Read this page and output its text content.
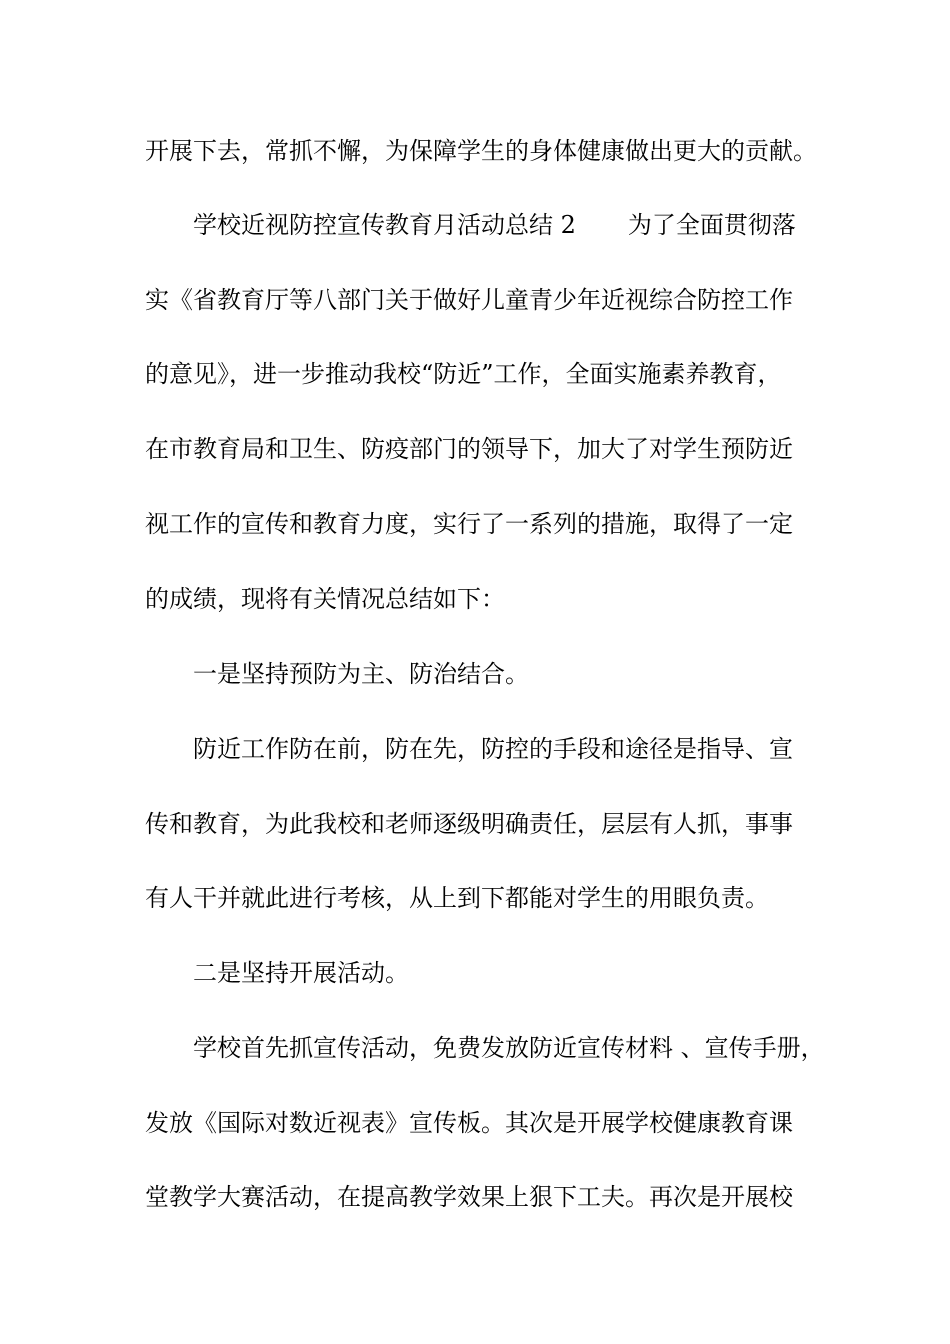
开展下去，常抓不懈，为保障学生的身体健康做出更大的贡献。
学校近视防控宣传教育月活动总结 2 为了全面贯彻落
实《省教育厅等八部门关于做好儿童青少年近视综合防控工作
的意见》，进一步推动我校“防近”工作，全面实施素养教育，
在市教育局和卫生、防疫部门的领导下，加大了对学生预防近
视工作的宣传和教育力度，实行了一系列的措施，取得了一定
的成绩，现将有关情况总结如下：
一是坚持预防为主、防治结合。
防近工作防在前，防在先，防控的手段和途径是指导、宣
传和教育，为此我校和老师逐级明确责任，层层有人抓，事事
有人干并就此进行考核，从上到下都能对学生的用眼负责。
二是坚持开展活动。
学校首先抓宣传活动，免费发放防近宣传材料 、宣传手册，
发放《国际对数近视表》宣传板。其次是开展学校健康教育课
堂教学大赛活动，在提高教学效果上狠下工夫。再次是开展校
